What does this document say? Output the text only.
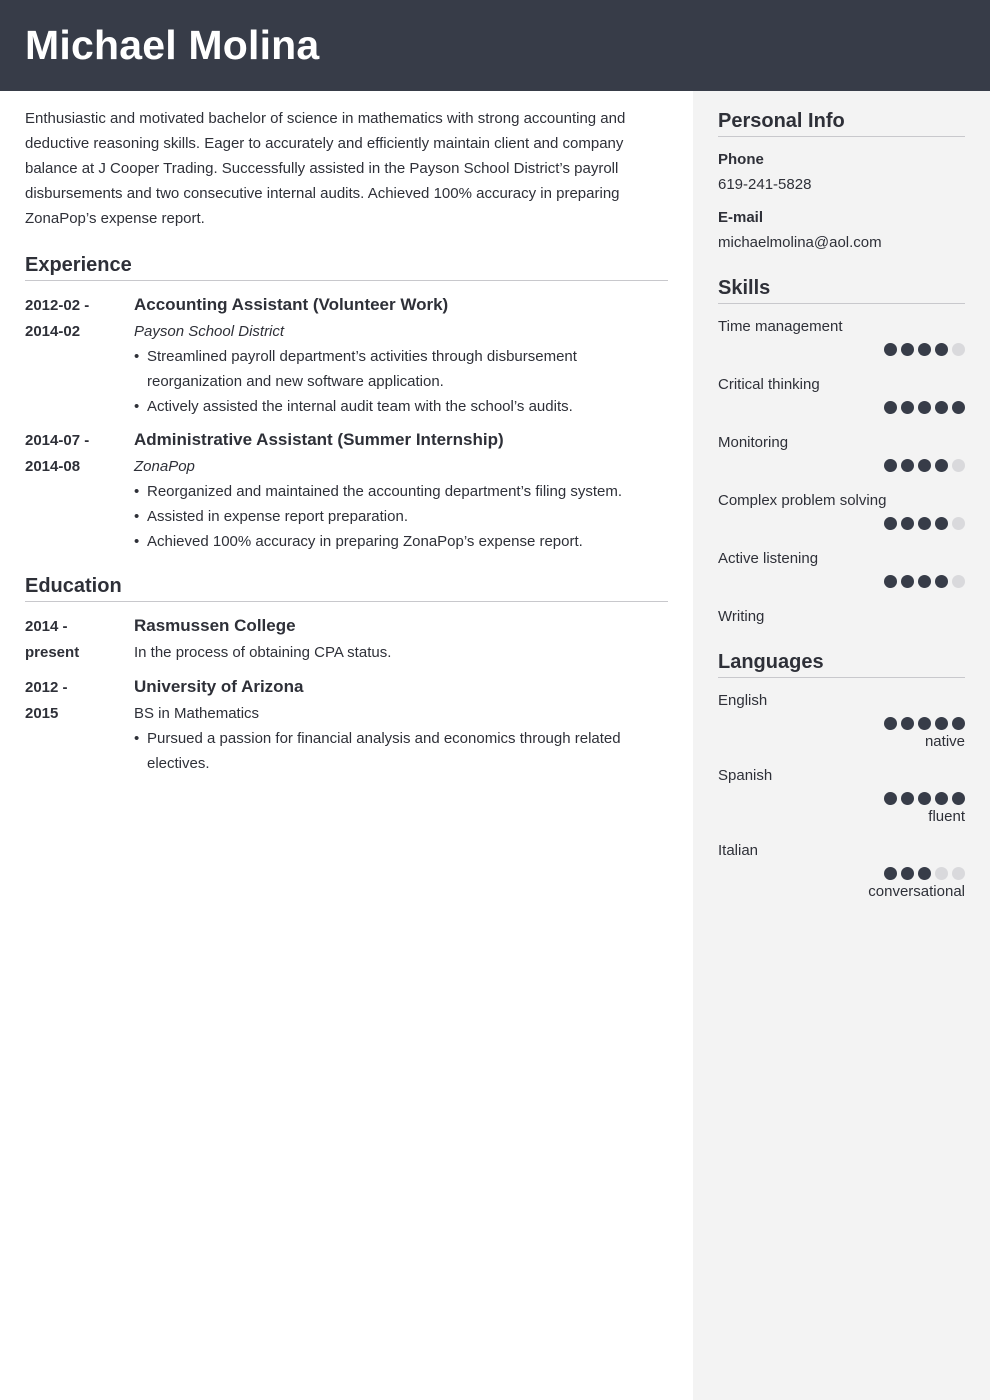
Michael Molina

Enthusiastic and motivated bachelor of science in mathematics with strong accounting and deductive reasoning skills. Eager to accurately and efficiently maintain client and company balance at J Cooper Trading. Successfully assisted in the Payson School District’s payroll disbursements and two consecutive internal audits. Achieved 100% accuracy in preparing ZonaPop’s expense report.

Experience
2012-02 -
2014-02
Accounting Assistant (Volunteer Work)
Payson School District
• Streamlined payroll department’s activities through disbursement reorganization and new software application.
• Actively assisted the internal audit team with the school’s audits.
2014-07 -
2014-08
Administrative Assistant (Summer Internship)
ZonaPop
• Reorganized and maintained the accounting department’s filing system.
• Assisted in expense report preparation.
• Achieved 100% accuracy in preparing ZonaPop’s expense report.
Education
2014 -
present
Rasmussen College
In the process of obtaining CPA status.
2012 -
2015
University of Arizona
BS in Mathematics
• Pursued a passion for financial analysis and economics through related electives.
Personal Info
Phone
619-241-5828
E-mail
michaelmolina@aol.com
Skills
Time management
Critical thinking
Monitoring
Complex problem solving
Active listening
Writing
Languages
English
native
Spanish
fluent
Italian
conversational
